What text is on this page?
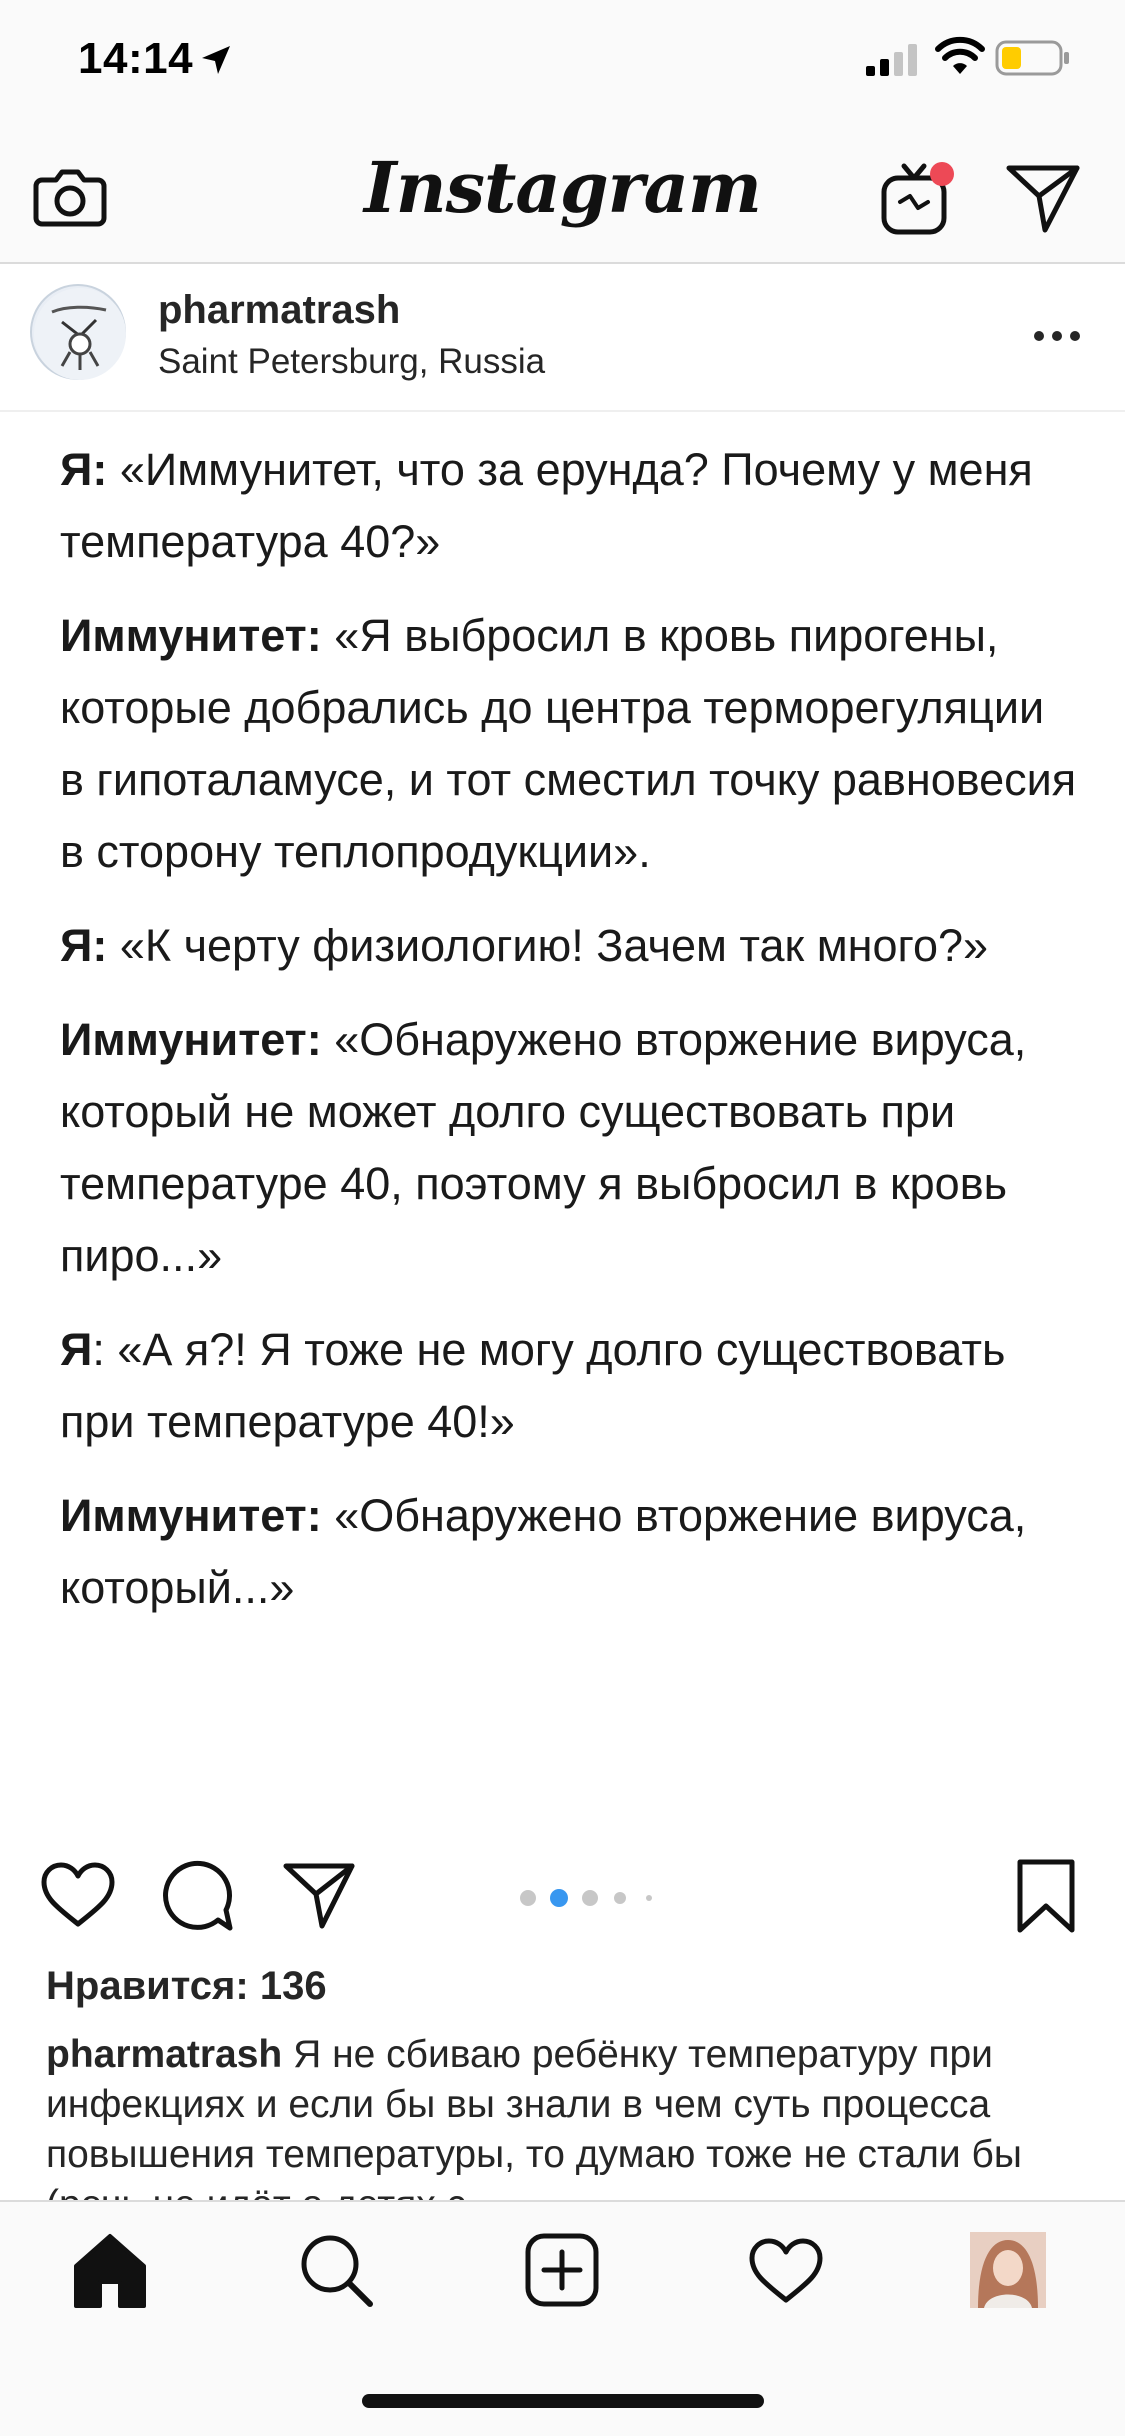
14:14
Instagram
pharmatrash
Saint Petersburg, Russia

Я: «Иммунитет, что за ерунда? Почему у меня температура 40?»

Иммунитет: «Я выбросил в кровь пирогены, которые добрались до центра терморегуляции в гипоталамусе, и тот сместил точку равновесия в сторону теплопродукции».

Я: «К черту физиологию! Зачем так много?»

Иммунитет: «Обнаружено вторжение вируса, который не может долго существовать при температуре 40, поэтому я выбросил в кровь пиро...»

Я: «А я?! Я тоже не могу долго существовать при температуре 40!»

Иммунитет: «Обнаружено вторжение вируса, который...»

Нравится: 136
pharmatrash Я не сбиваю ребёнку температуру при инфекциях и если бы вы знали в чем суть процесса повышения температуры, то думаю тоже не стали бы
